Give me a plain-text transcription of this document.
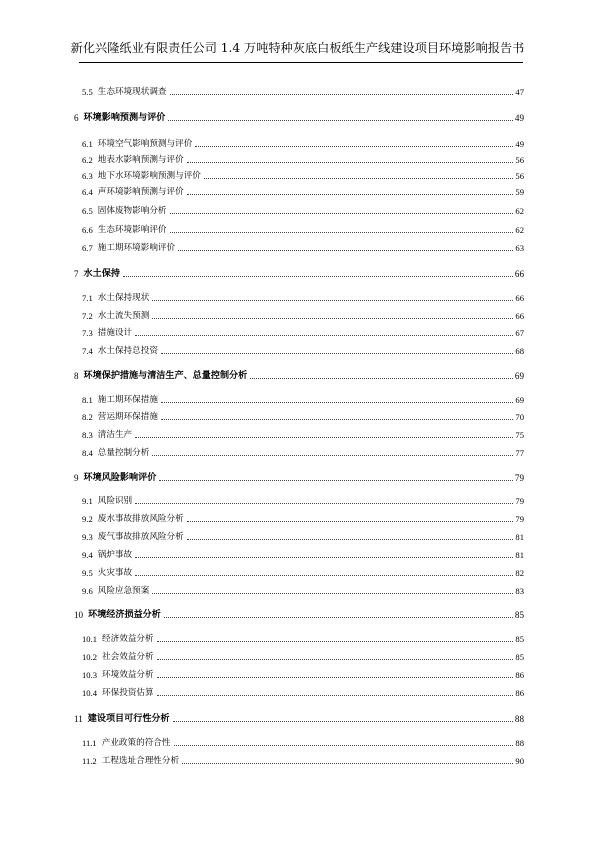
新化兴隆纸业有限责任公司 1.4 万吨特种灰底白板纸生产线建设项目环境影响报告书
5.5 生态环境现状调查	47
6 环境影响预测与评价	49
6.1 环境空气影响预测与评价	49
6.2 地表水影响预测与评价	56
6.3 地下水环境影响预测与评价	56
6.4 声环境影响预测与评价	59
6.5 固体废物影响分析	62
6.6 生态环境影响评价	62
6.7 施工期环境影响评价	63
7 水土保持	66
7.1 水土保持现状	66
7.2 水土流失预测	66
7.3 措施设计	67
7.4 水土保持总投资	68
8 环境保护措施与清洁生产、总量控制分析	69
8.1 施工期环保措施	69
8.2 营运期环保措施	70
8.3 清洁生产	75
8.4 总量控制分析	77
9 环境风险影响评价	79
9.1 风险识别	79
9.2 废水事故排放风险分析	79
9.3 废气事故排放风险分析	81
9.4 锅炉事故	81
9.5 火灾事故	82
9.6 风险应急预案	83
10 环境经济损益分析	85
10.1 经济效益分析	85
10.2 社会效益分析	85
10.3 环境效益分析	86
10.4 环保投资估算	86
11 建设项目可行性分析	88
11.1 产业政策的符合性	88
11.2 工程选址合理性分析	90
